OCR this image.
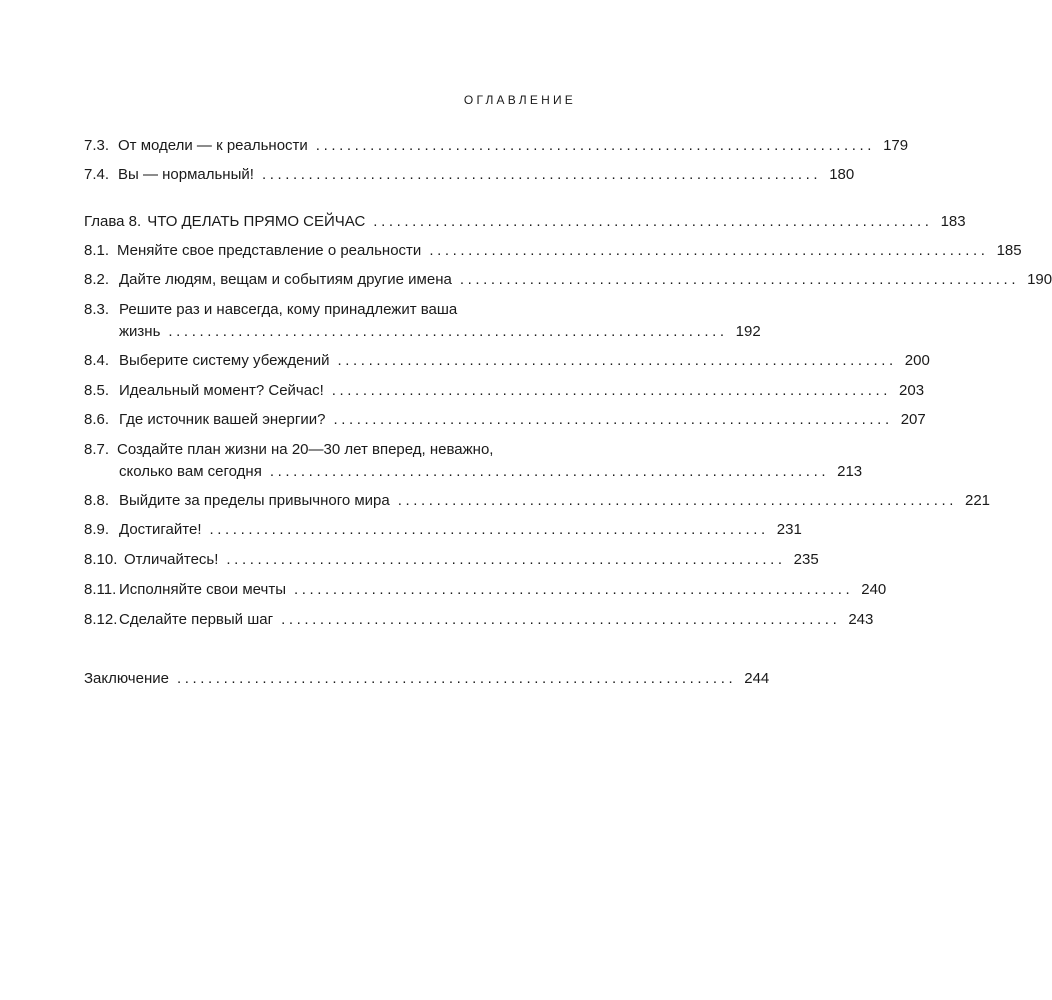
ОГЛАВЛЕНИЕ
7.3. От модели — к реальности ........................................................................ 179
7.4. Вы — нормальный! ........................................................................ 180
Глава 8. ЧТО ДЕЛАТЬ ПРЯМО СЕЙЧАС ........................................................................ 183
8.1. Меняйте свое представление о реальности ........................................................................ 185
8.2. Дайте людям, вещам и событиям другие имена ........................................................................ 190
8.3. Решите раз и навсегда, кому принадлежит ваша
жизнь ........................................................................ 192
8.4. Выберите систему убеждений ........................................................................ 200
8.5. Идеальный момент? Сейчас! ........................................................................ 203
8.6. Где источник вашей энергии? ........................................................................ 207
8.7. Создайте план жизни на 20—30 лет вперед, неважно,
сколько вам сегодня ........................................................................ 213
8.8. Выйдите за пределы привычного мира ........................................................................ 221
8.9. Достигайте! ........................................................................ 231
8.10. Отличайтесь! ........................................................................ 235
8.11. Исполняйте свои мечты ........................................................................ 240
8.12. Сделайте первый шаг ........................................................................ 243
Заключение ........................................................................ 244
